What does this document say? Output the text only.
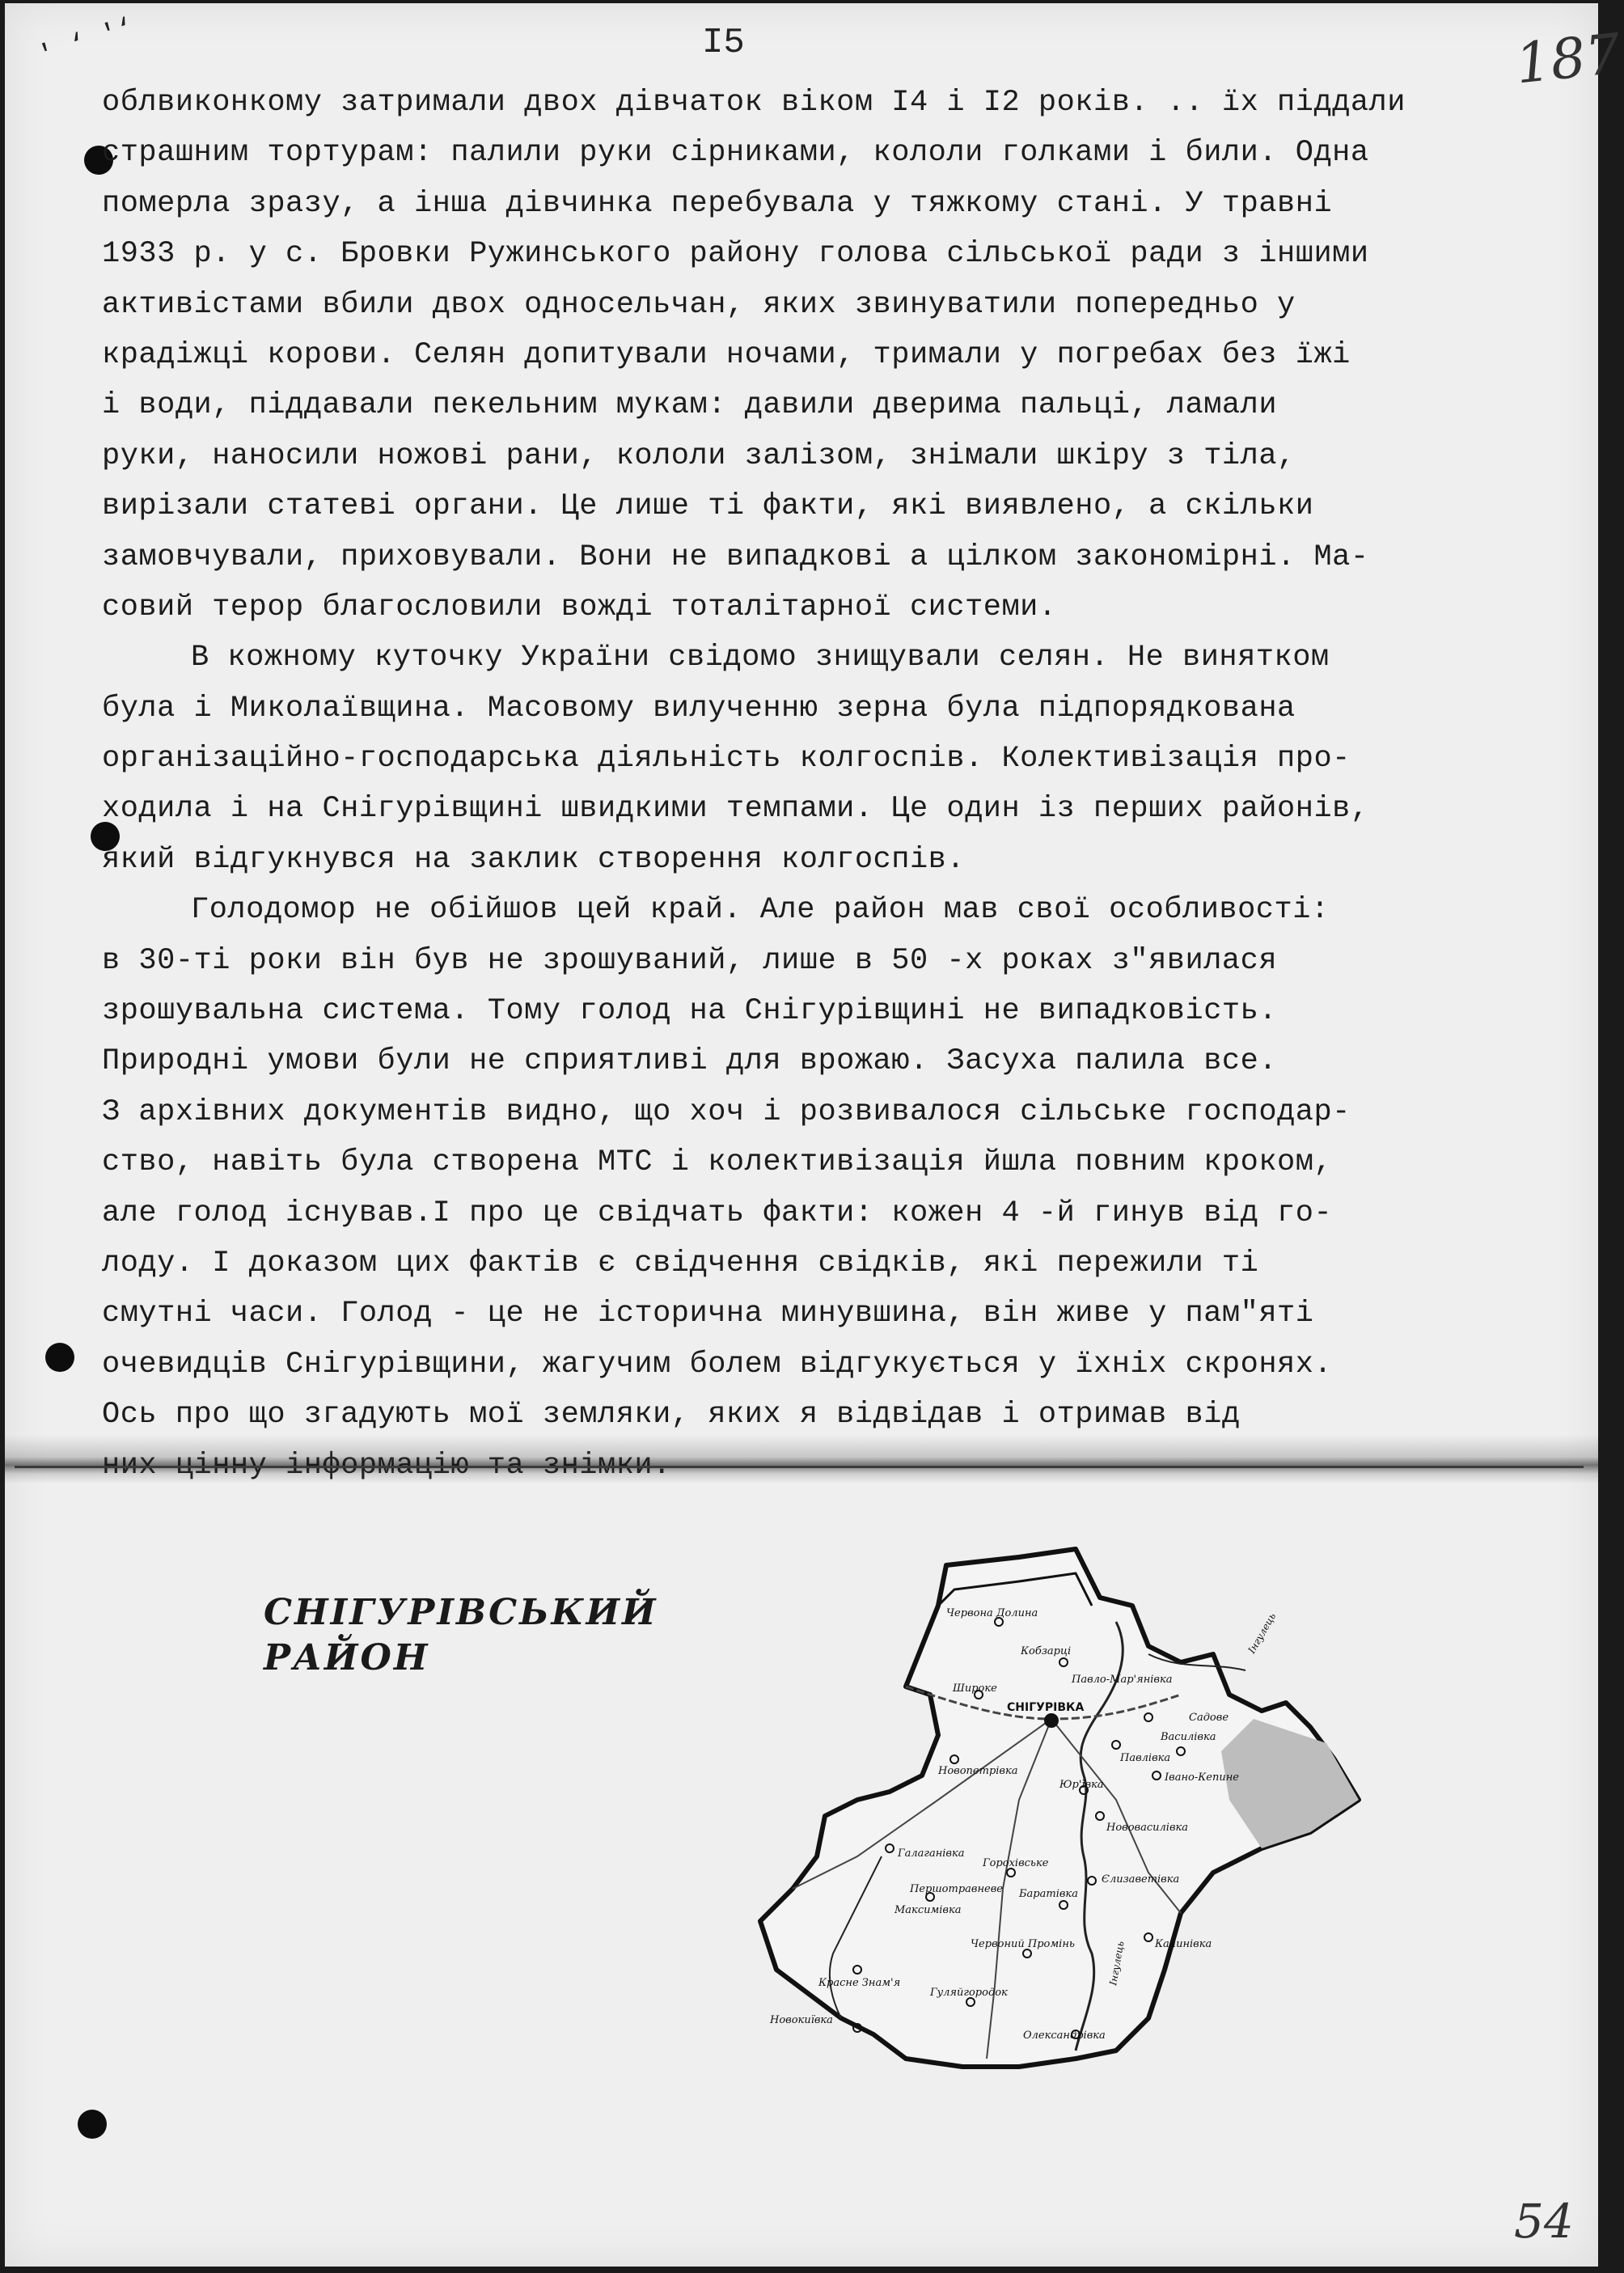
' ‘ '‘	I5	187
облвиконкому затримали двох дівчаток віком I4 і I2 років. .. їх піддали
страшним тортурам: палили руки сірниками, кололи голками і били. Одна
померла зразу, а інша дівчинка перебувала у тяжкому стані. У травні
1933 р. у с. Бровки Ружинського району голова сільської ради з іншими
активістами вбили двох односельчан, яких звинуватили попередньо у
крадіжці корови. Селян допитували ночами, тримали у погребах без їжі
і води, піддавали пекельним мукам: давили дверима пальці, ламали
руки, наносили ножові рани, кололи залізом, знімали шкіру з тіла,
вирізали статеві органи. Це лише ті факти, які виявлено, а скільки
замовчували, приховували. Вони не випадкові а цілком закономірні. Ма-
совий терор благословили вожді тоталітарної системи.
В кожному куточку України свідомо знищували селян. Не винятком
була і Миколаївщина. Масовому вилученню зерна була підпорядкована
організаційно-господарська діяльність колгоспів. Колективізація про-
ходила і на Снігурівщині швидкими темпами. Це один із перших районів,
який відгукнувся на заклик створення колгоспів.
Голодомор не обійшов цей край. Але район мав свої особливості:
в 30-ті роки він був не зрошуваний, лише в 50 -х роках з"явилася
зрошувальна система. Тому голод на Снігурівщині не випадковість.
Природні умови були не сприятливі для врожаю. Засуха палила все.
З архівних документів видно, що хоч і розвивалося сільське господар-
ство, навіть була створена МТС і колективізація йшла повним кроком,
але голод існував.І про це свідчать факти: кожен 4 -й гинув від го-
лоду. І доказом цих фактів є свідчення свідків, які пережили ті
смутні часи. Голод - це не історична минувшина, він живе у пам"яті
очевидців Снігурівщини, жагучим болем відгукується у їхніх скронях.
Ось про що згадують мої земляки, яких я відвідав і отримав від
СНІГУРІВСЬКИЙ
РАЙОН
Червона Долина
Кобзарці
Павло-Мар'янівка
Широке
СНІГУРІВКА
Новопетрівка
Василівка
Павлівка
Івано-Кепине
Юр'ївка
Нововасилівка
Єлизаветівка
Калинівка
Горохівське
Першотравневе
Максимівка
Баратівка
Червоний Промінь
Красне Знам'я
Гуляйгородок
Новокиївка
Олександрівка
Галаганівка
Садове
Інгулець
Інгулець
54
